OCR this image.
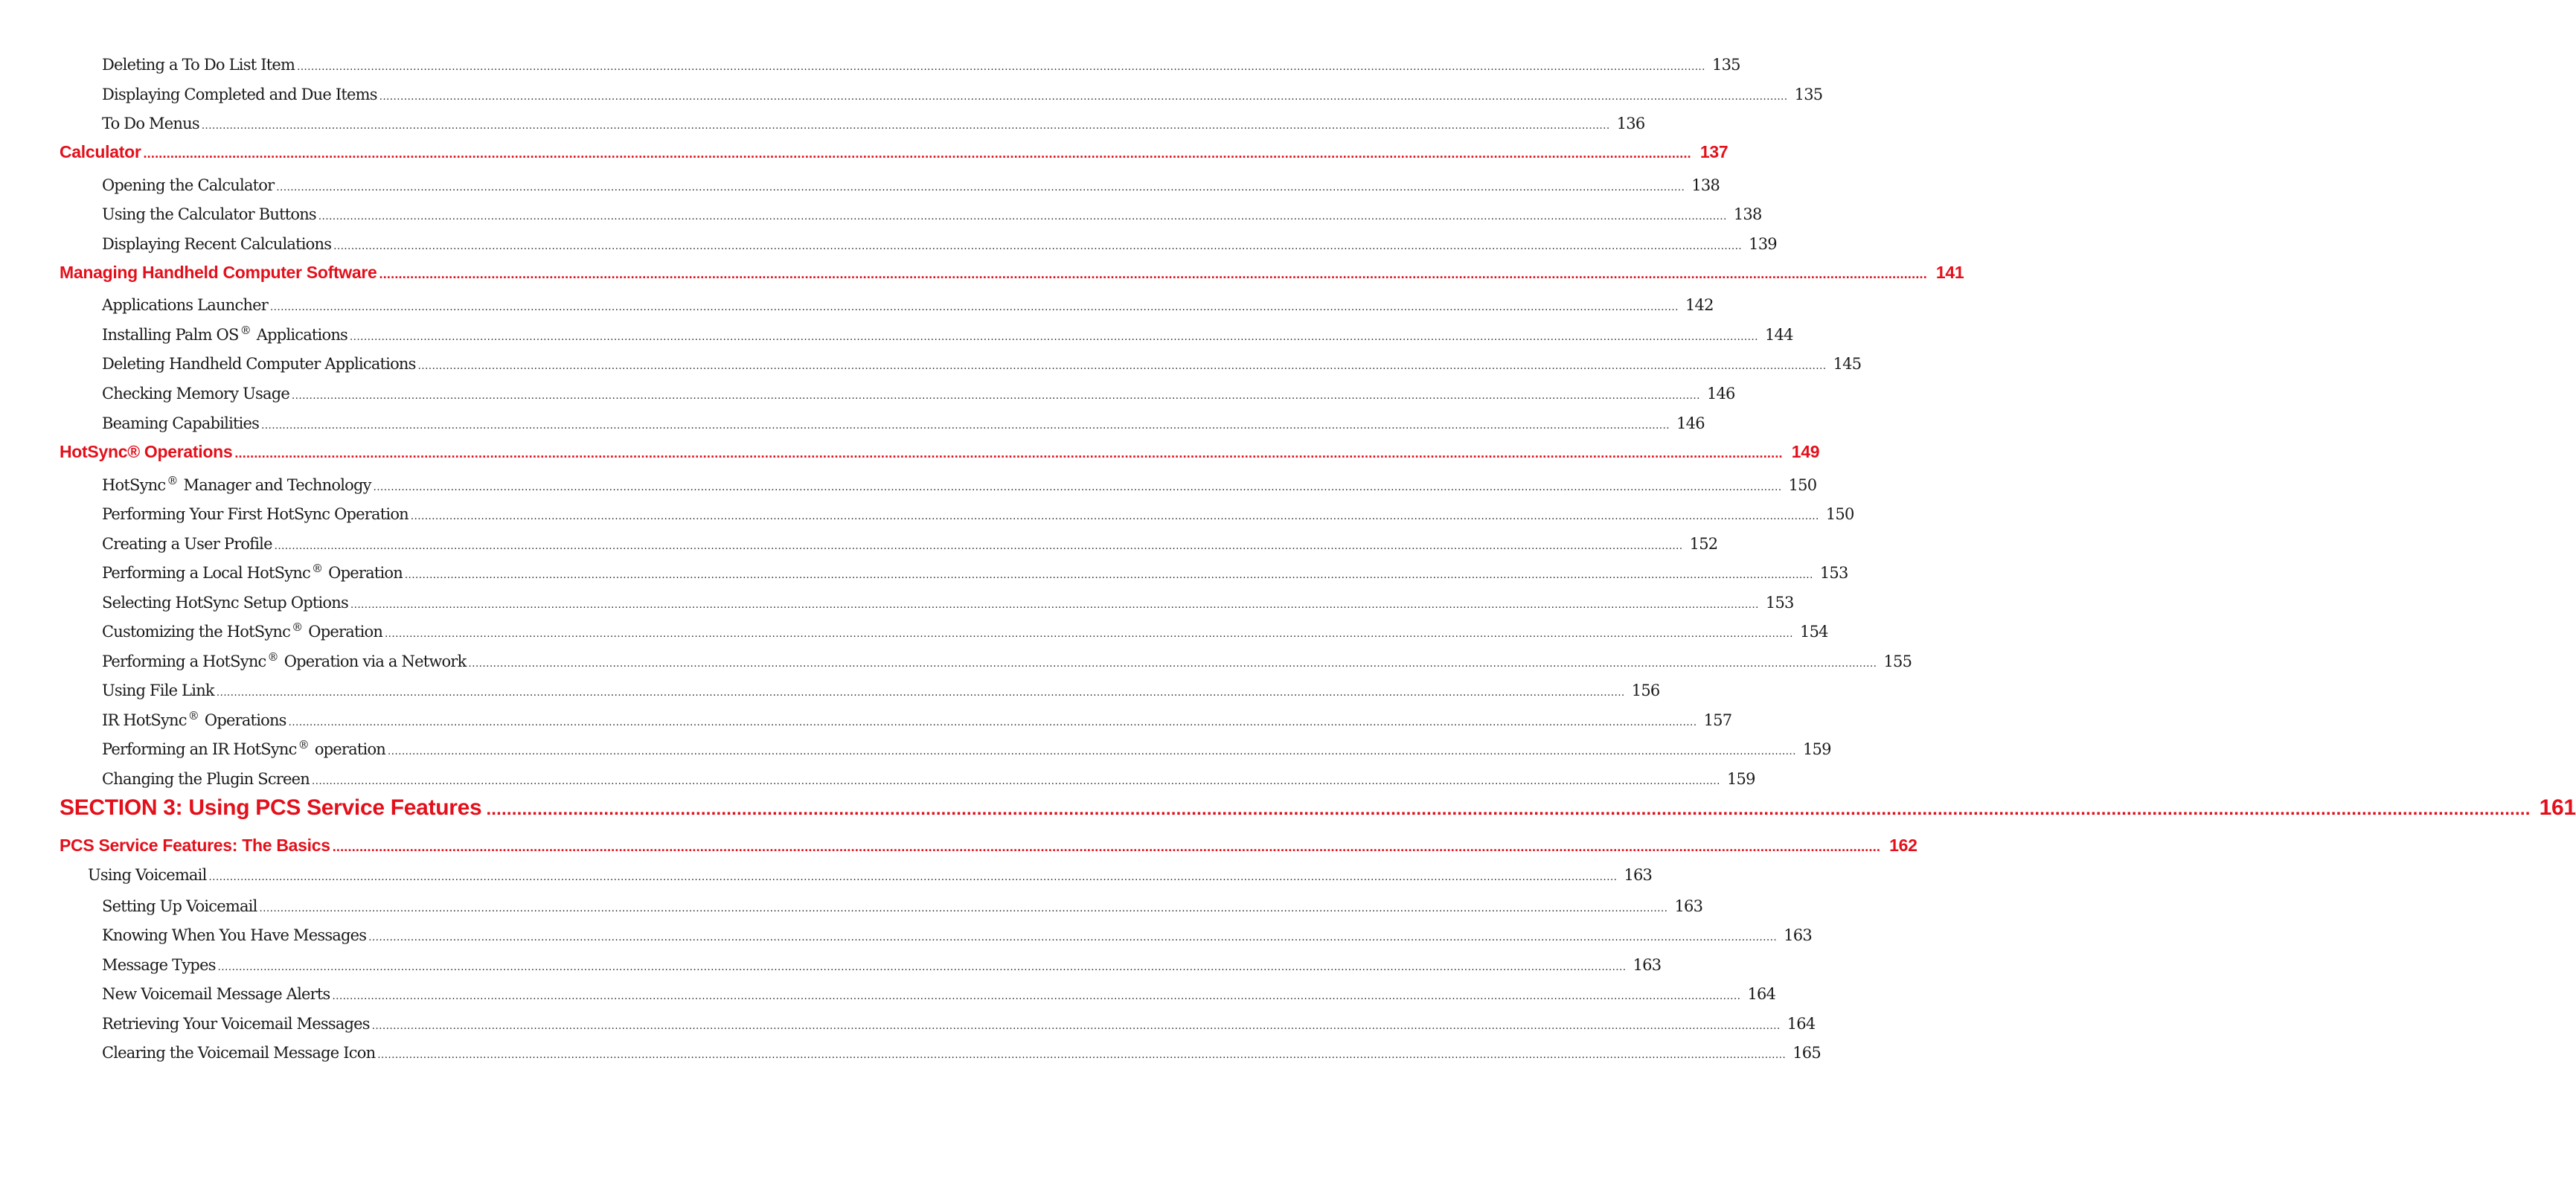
Deleting a To Do List Item ................................................................................................................................................................................................................................................................................................................................................................................................................ 135
Displaying Completed and Due Items ................................................................................................................................................................................................................................................................................................................................................................................................................ 135
To Do Menus ................................................................................................................................................................................................................................................................................................................................................................................................................ 136
Calculator ................................................................................................................................................................................................................................................................................................................................................................................................................ 137
Opening the Calculator ................................................................................................................................................................................................................................................................................................................................................................................................................ 138
Using the Calculator Buttons ................................................................................................................................................................................................................................................................................................................................................................................................................ 138
Displaying Recent Calculations ................................................................................................................................................................................................................................................................................................................................................................................................................ 139
Managing Handheld Computer Software ................................................................................................................................................................................................................................................................................................................................................................................................................ 141
Applications Launcher ................................................................................................................................................................................................................................................................................................................................................................................................................ 142
Installing Palm OS ® Applications ................................................................................................................................................................................................................................................................................................................................................................................................................ 144
Deleting Handheld Computer Applications ................................................................................................................................................................................................................................................................................................................................................................................................................ 145
Checking Memory Usage ................................................................................................................................................................................................................................................................................................................................................................................................................ 146
Beaming Capabilities ................................................................................................................................................................................................................................................................................................................................................................................................................ 146
HotSync® Operations ................................................................................................................................................................................................................................................................................................................................................................................................................ 149
HotSync ® Manager and Technology ................................................................................................................................................................................................................................................................................................................................................................................................................ 150
Performing Your First HotSync Operation ................................................................................................................................................................................................................................................................................................................................................................................................................ 150
Creating a User Profile ................................................................................................................................................................................................................................................................................................................................................................................................................ 152
Performing a Local HotSync ® Operation ................................................................................................................................................................................................................................................................................................................................................................................................................ 153
Selecting HotSync Setup Options ................................................................................................................................................................................................................................................................................................................................................................................................................ 153
Customizing the HotSync ® Operation ................................................................................................................................................................................................................................................................................................................................................................................................................ 154
Performing a HotSync ® Operation via a Network ................................................................................................................................................................................................................................................................................................................................................................................................................ 155
Using File Link ................................................................................................................................................................................................................................................................................................................................................................................................................ 156
IR HotSync ® Operations ................................................................................................................................................................................................................................................................................................................................................................................................................ 157
Performing an IR HotSync ® operation ................................................................................................................................................................................................................................................................................................................................................................................................................ 159
Changing the Plugin Screen ................................................................................................................................................................................................................................................................................................................................................................................................................ 159
SECTION 3: Using PCS Service Features ................................................................................................................................................................................................................................................................................................................................................................................................................ 161
PCS Service Features: The Basics ................................................................................................................................................................................................................................................................................................................................................................................................................ 162
Using Voicemail ................................................................................................................................................................................................................................................................................................................................................................................................................ 163
Setting Up Voicemail ................................................................................................................................................................................................................................................................................................................................................................................................................ 163
Knowing When You Have Messages ................................................................................................................................................................................................................................................................................................................................................................................................................ 163
Message Types ................................................................................................................................................................................................................................................................................................................................................................................................................ 163
New Voicemail Message Alerts ................................................................................................................................................................................................................................................................................................................................................................................................................ 164
Retrieving Your Voicemail Messages ................................................................................................................................................................................................................................................................................................................................................................................................................ 164
Clearing the Voicemail Message Icon ................................................................................................................................................................................................................................................................................................................................................................................................................ 165
